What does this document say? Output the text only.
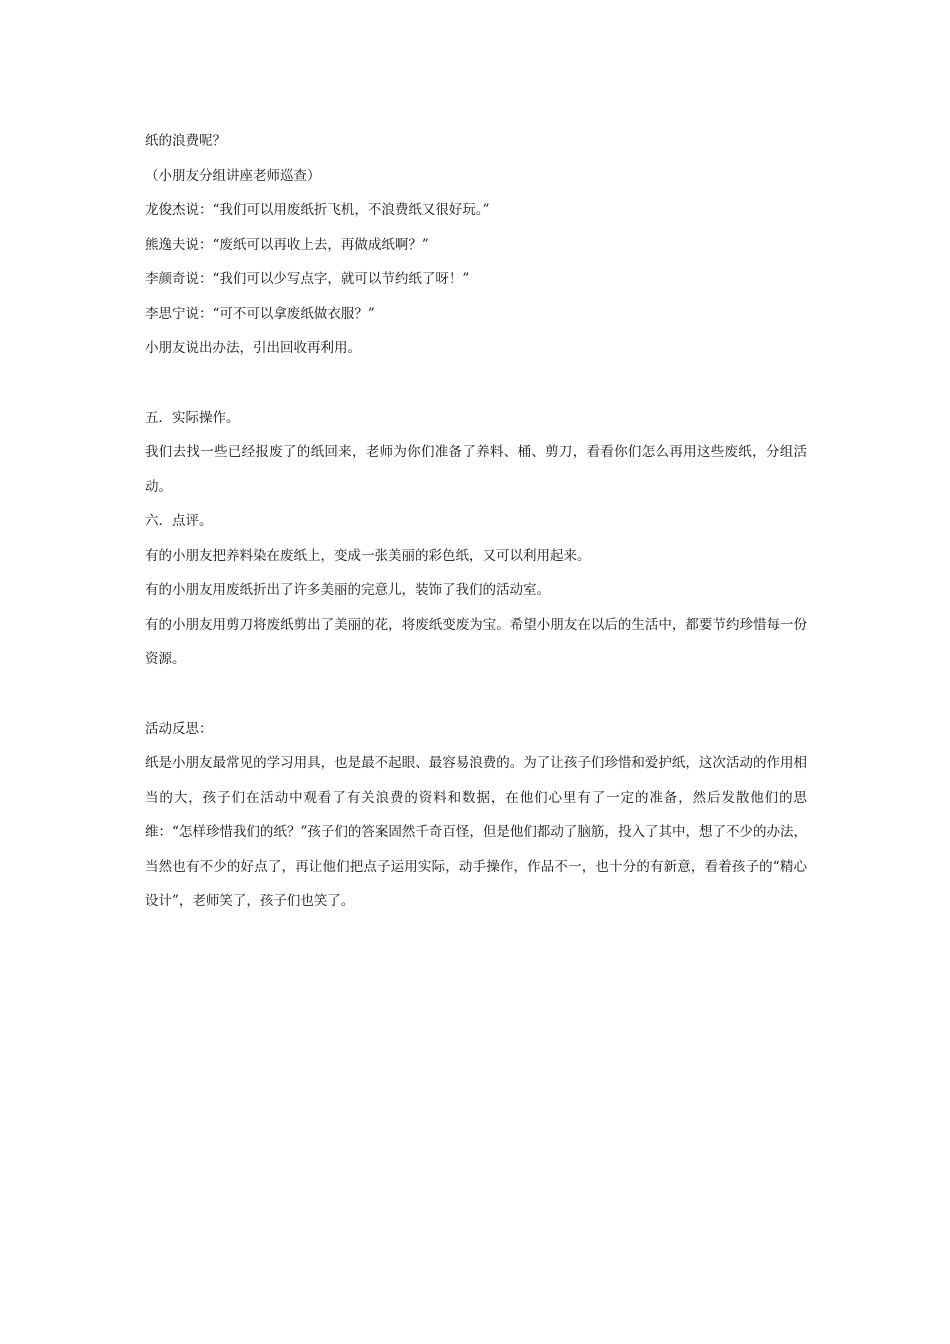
纸的浪费呢？

（小朋友分组讲座老师巡查）

龙俊杰说：“我们可以用废纸折飞机，不浪费纸又很好玩。”

熊逸夫说：“废纸可以再收上去，再做成纸啊？”

李颜奇说：“我们可以少写点字，就可以节约纸了呀！”

李思宁说：“可不可以拿废纸做衣服？”

小朋友说出办法，引出回收再利用。

五．实际操作。

我们去找一些已经报废了的纸回来，老师为你们准备了养料、桶、剪刀，看看你们怎么再用这些废纸，分组活动。

六．点评。

有的小朋友把养料染在废纸上，变成一张美丽的彩色纸，又可以利用起来。

有的小朋友用废纸折出了许多美丽的完意儿，装饰了我们的活动室。

有的小朋友用剪刀将废纸剪出了美丽的花，将废纸变废为宝。希望小朋友在以后的生活中，都要节约珍惜每一份资源。

活动反思：

纸是小朋友最常见的学习用具，也是最不起眼、最容易浪费的。为了让孩子们珍惜和爱护纸，这次活动的作用相当的大，孩子们在活动中观看了有关浪费的资料和数据，在他们心里有了一定的准备，然后发散他们的思维：“怎样珍惜我们的纸？”孩子们的答案固然千奇百怪，但是他们都动了脑筋，投入了其中，想了不少的办法，当然也有不少的好点了，再让他们把点子运用实际，动手操作，作品不一，也十分的有新意，看着孩子的“精心设计”，老师笑了，孩子们也笑了。
